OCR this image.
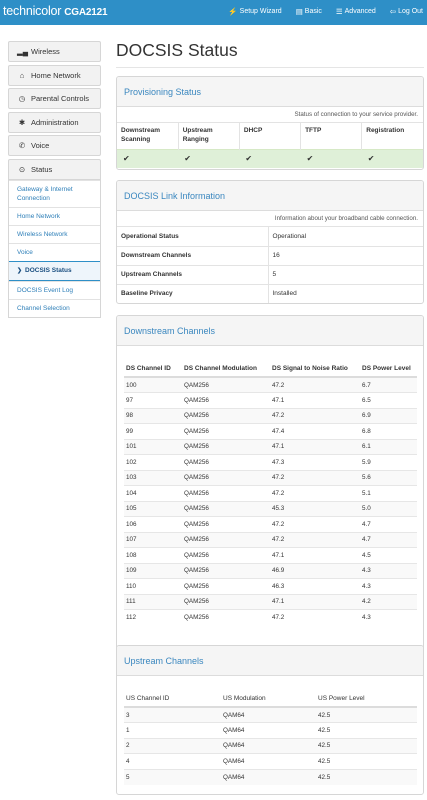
technicolor CGA2121	⚡ Setup Wizard ▤ Basic ☰ Advanced ⇦ Log Out
▂▄ Wireless
⌂ Home Network
◷ Parental Controls
✱ Administration
✆ Voice
⊙ Status
Gateway & Internet Connection
Home Network
Wireless Network
Voice
❯ DOCSIS Status
DOCSIS Event Log
Channel Selection
DOCSIS Status
Provisioning Status
Status of connection to your service provider.
Downstream Scanning	Upstream Ranging	DHCP	TFTP	Registration
✔	✔	✔	✔	✔
DOCSIS Link Information
Information about your broadband cable connection.
Operational Status	Operational
Downstream Channels	16
Upstream Channels	5
Baseline Privacy	Installed
Downstream Channels
DS Channel ID	DS Channel Modulation	DS Signal to Noise Ratio	DS Power Level
100	QAM256	47.2	6.7
97	QAM256	47.1	6.5
98	QAM256	47.2	6.9
99	QAM256	47.4	6.8
101	QAM256	47.1	6.1
102	QAM256	47.3	5.9
103	QAM256	47.2	5.6
104	QAM256	47.2	5.1
105	QAM256	45.3	5.0
106	QAM256	47.2	4.7
107	QAM256	47.2	4.7
108	QAM256	47.1	4.5
109	QAM256	46.9	4.3
110	QAM256	46.3	4.3
111	QAM256	47.1	4.2
112	QAM256	47.2	4.3
Upstream Channels
US Channel ID	US Modulation	US Power Level
3	QAM64	42.5
1	QAM64	42.5
2	QAM64	42.5
4	QAM64	42.5
5	QAM64	42.5
